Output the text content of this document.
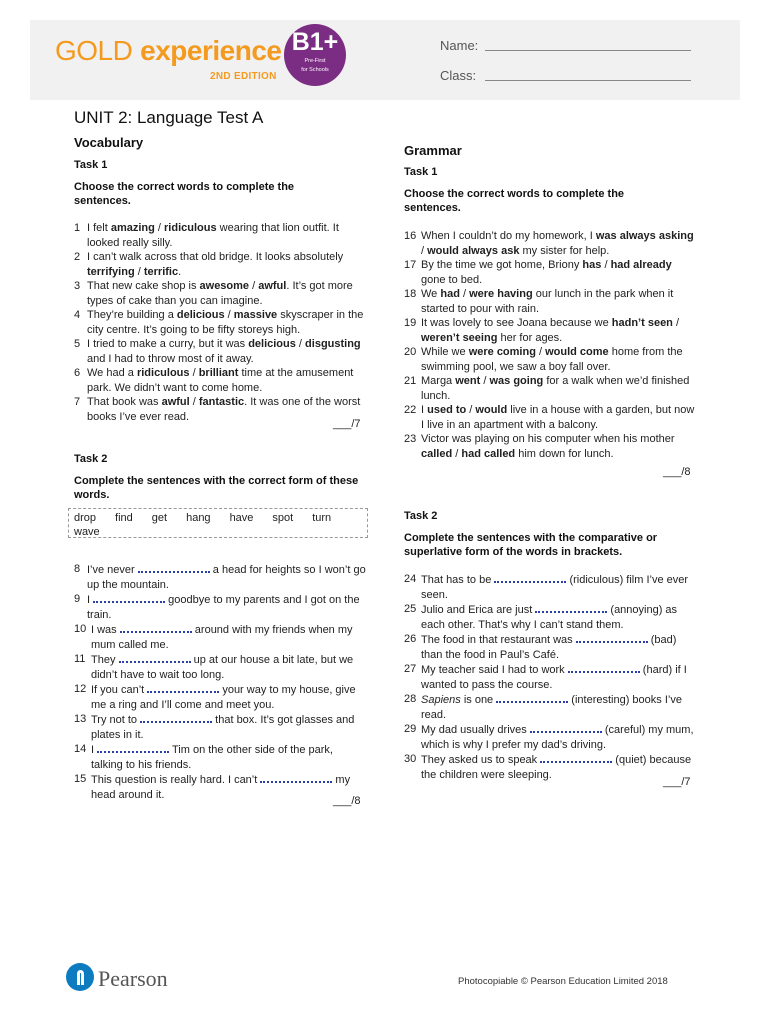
GOLD experience
2ND EDITION
B1+
Pre-First
for Schools
Name:
Class:
UNIT 2: Language Test A
Vocabulary
Task 1
Choose the correct words to complete the sentences.
1 I felt amazing / ridiculous wearing that lion outfit. It looked really silly.
2 I can’t walk across that old bridge. It looks absolutely terrifying / terrific.
3 That new cake shop is awesome / awful. It’s got more types of cake than you can imagine.
4 They’re building a delicious / massive skyscraper in the city centre. It’s going to be fifty storeys high.
5 I tried to make a curry, but it was delicious / disgusting and I had to throw most of it away.
6 We had a ridiculous / brilliant time at the amusement park. We didn’t want to come home.
7 That book was awful / fantastic. It was one of the worst books I’ve ever read.
___/7
Task 2
Complete the sentences with the correct form of these words.
drop find get hang have spot turn
wave
8 I’ve never	a head for heights so I won’t go up the mountain.
9 I	goodbye to my parents and I got on the train.
10 I was	around with my friends when my mum called me.
11 They	up at our house a bit late, but we didn’t have to wait too long.
12 If you can’t	your way to my house, give me a ring and I’ll come and meet you.
13 Try not to	that box. It’s got glasses and plates in it.
14 I	Tim on the other side of the park, talking to his friends.
15 This question is really hard. I can’t	my head around it.
___/8
Grammar
Task 1
Choose the correct words to complete the sentences.
16 When I couldn’t do my homework, I was always asking / would always ask my sister for help.
17 By the time we got home, Briony has / had already gone to bed.
18 We had / were having our lunch in the park when it started to pour with rain.
19 It was lovely to see Joana because we hadn’t seen / weren’t seeing her for ages.
20 While we were coming / would come home from the swimming pool, we saw a boy fall over.
21 Marga went / was going for a walk when we’d finished lunch.
22 I used to / would live in a house with a garden, but now I live in an apartment with a balcony.
23 Victor was playing on his computer when his mother called / had called him down for lunch.
___/8
Task 2
Complete the sentences with the comparative or superlative form of the words in brackets.
24 That has to be	(ridiculous) film I’ve ever seen.
25 Julio and Erica are just	(annoying) as each other. That’s why I can’t stand them.
26 The food in that restaurant was	(bad) than the food in Paul’s Café.
27 My teacher said I had to work	(hard) if I wanted to pass the course.
28 Sapiens is one	(interesting) books I’ve read.
29 My dad usually drives	(careful) my mum, which is why I prefer my dad’s driving.
30 They asked us to speak	(quiet) because the children were sleeping.
___/7
Pearson	Photocopiable © Pearson Education Limited 2018
